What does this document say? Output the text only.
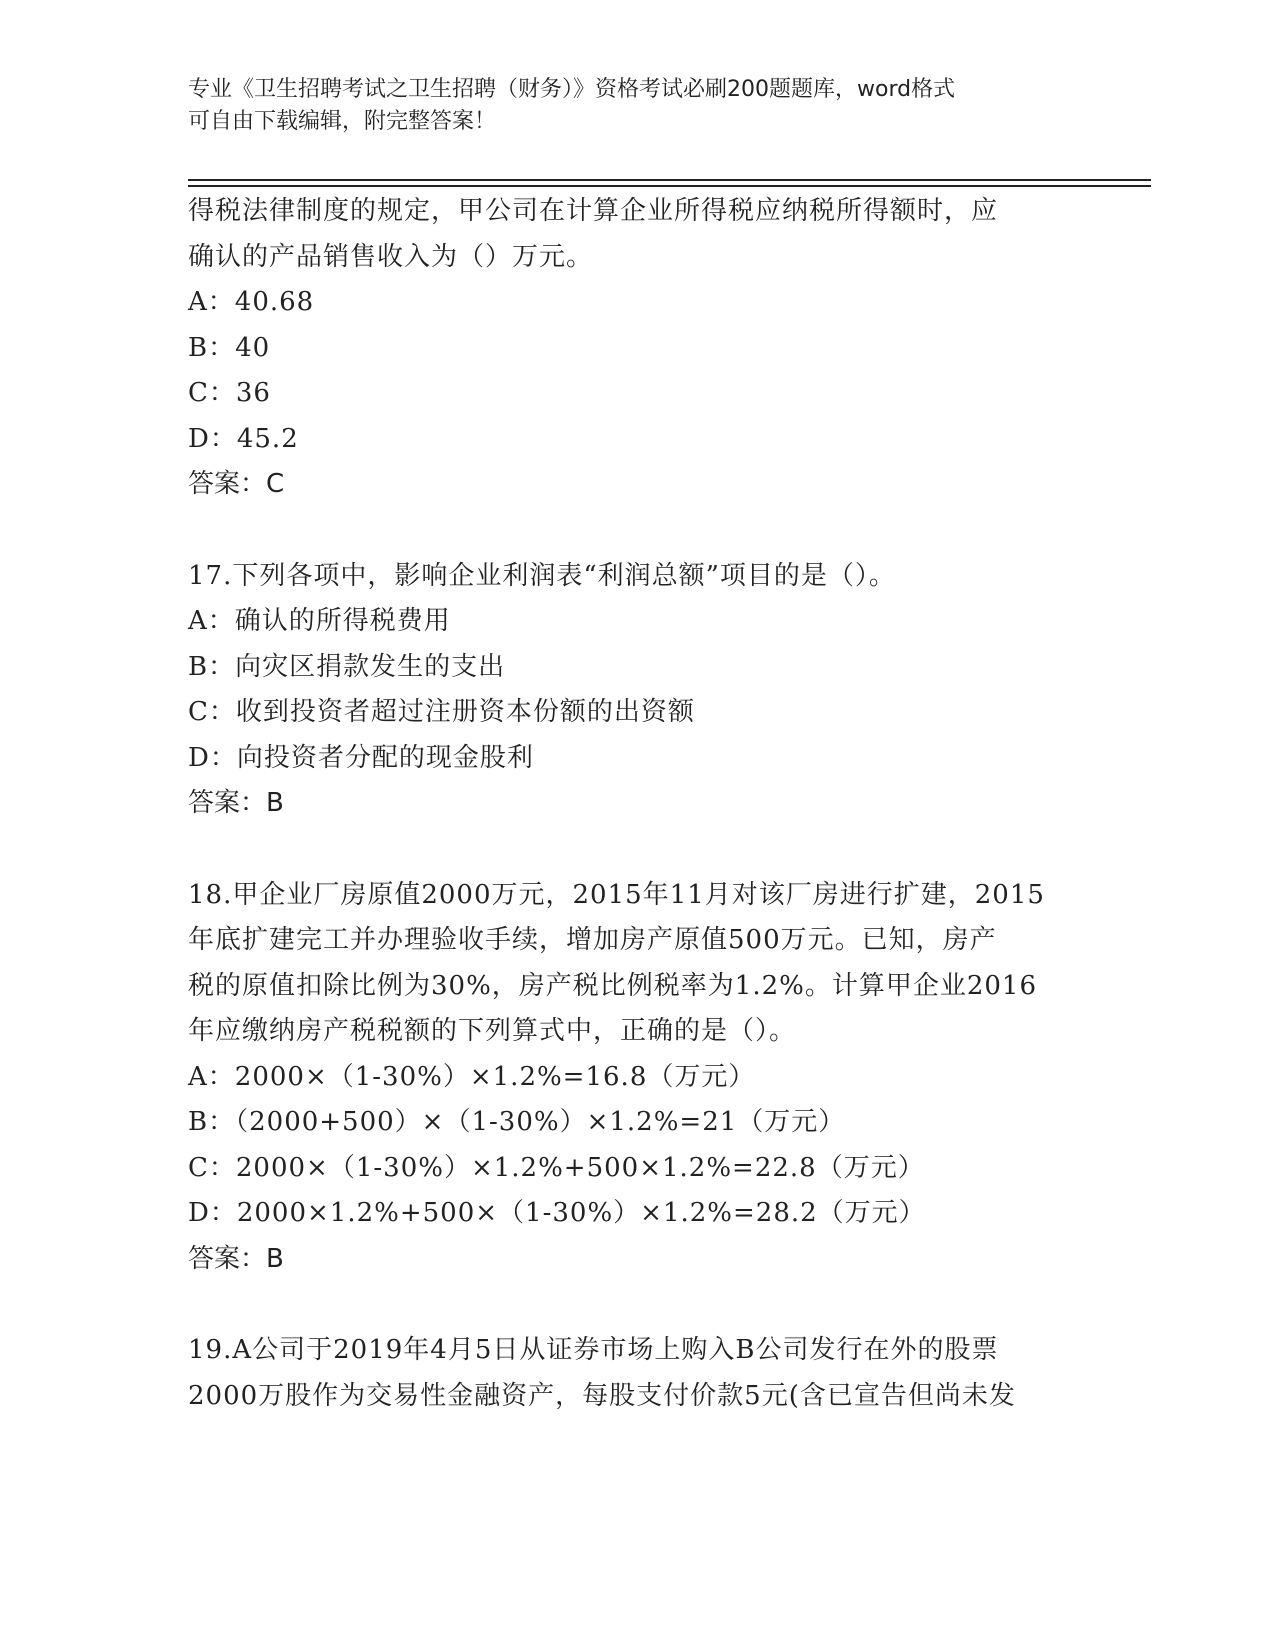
专业《卫生招聘考试之卫生招聘（财务）》资格考试必刷200题题库，word格式
可自由下载编辑，附完整答案！
得税法律制度的规定，甲公司在计算企业所得税应纳税所得额时，应
确认的产品销售收入为（）万元。
A：40.68
B：40
C：36
D：45.2
答案：C
17.下列各项中，影响企业利润表“利润总额”项目的是（）。
A：确认的所得税费用
B：向灾区捐款发生的支出
C：收到投资者超过注册资本份额的出资额
D：向投资者分配的现金股利
答案：B
18.甲企业厂房原值2000万元，2015年11月对该厂房进行扩建，2015
年底扩建完工并办理验收手续，增加房产原值500万元。已知，房产
税的原值扣除比例为30%，房产税比例税率为1.2%。计算甲企业2016
年应缴纳房产税税额的下列算式中，正确的是（）。
A：2000×（1-30%）×1.2%=16.8（万元）
B：（2000+500）×（1-30%）×1.2%=21（万元）
C：2000×（1-30%）×1.2%+500×1.2%=22.8（万元）
D：2000×1.2%+500×（1-30%）×1.2%=28.2（万元）
答案：B
19.A公司于2019年4月5日从证券市场上购入B公司发行在外的股票
2000万股作为交易性金融资产，每股支付价款5元(含已宣告但尚未发
